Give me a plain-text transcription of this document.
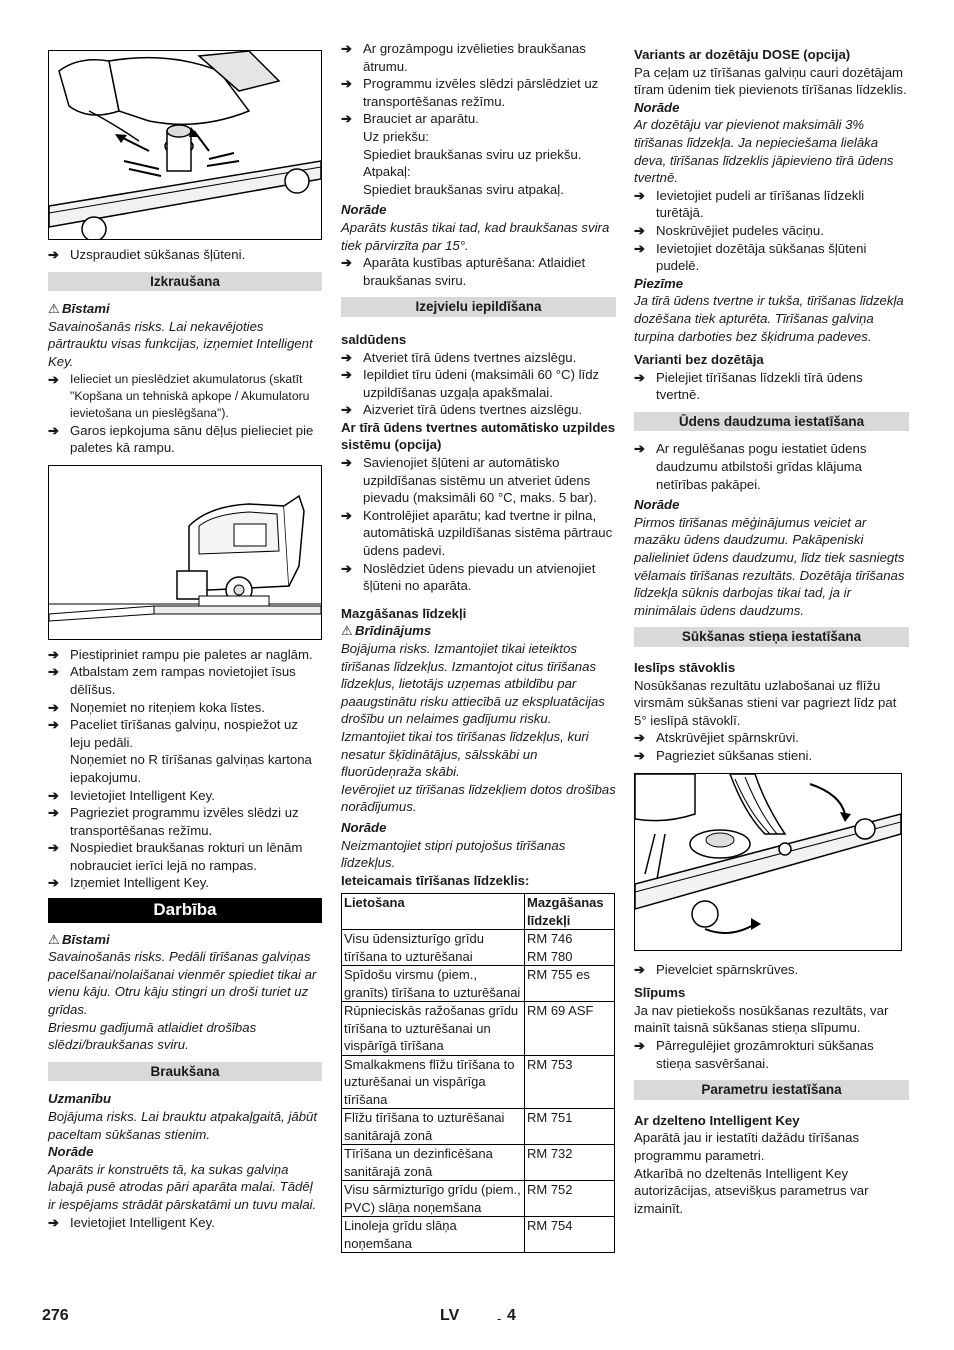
➔ Uzspraudiet sūkšanas šļūteni.
Izkraušana

⚠ Bīstami

Savainošanās risks. Lai nekavējoties pārtrauktu visas funkcijas, izņemiet Intelligent Key.

➔ Ielieciet un pieslēdziet akumulatorus (skatīt "Kopšana un tehniskā apkope / Akumulatoru ievietošana un pieslēgšana").
➔ Garos iepkojuma sānu dēļus pielieciet pie paletes kā rampu.
➔ Piestipriniet rampu pie paletes ar naglām.
➔ Atbalstam zem rampas novietojiet īsus dēlīšus.
➔ Noņemiet no riteņiem koka līstes.
➔ Paceliet tīrīšanas galviņu, nospiežot uz leju pedāli.

Noņemiet no R tīrīšanas galviņas kartona iepakojumu.

➔ Ievietojiet Intelligent Key.
➔ Pagrieziet programmu izvēles slēdzi uz transportēšanas režīmu.
➔ Nospiediet braukšanas rokturi un lēnām nobrauciet ierīci lejā no rampas.
➔ Izņemiet Intelligent Key.
Darbība

⚠ Bīstami

Savainošanās risks. Pedāli tīrīšanas galviņas pacelšanai/nolaišanai vienmēr spiediet tikai ar vienu kāju. Otru kāju stingri un droši turiet uz grīdas.

Briesmu gadījumā atlaidiet drošības slēdzi/braukšanas sviru.

Braukšana

Uzmanību

Bojājuma risks. Lai brauktu atpakaļgaitā, jābūt paceltam sūkšanas stienim.

Norāde

Aparāts ir konstruēts tā, ka sukas galviņa labajā pusē atrodas pāri aparāta malai. Tādēļ ir iespējams strādāt pārskatāmi un tuvu malai.

➔ Ievietojiet Intelligent Key.
➔ Ar grozāmpogu izvēlieties braukšanas ātrumu.
➔ Programmu izvēles slēdzi pārslēdziet uz transportēšanas režīmu.
➔ Brauciet ar aparātu.

Uz priekšu:

Spiediet braukšanas sviru uz priekšu.

Atpakaļ:

Spiediet braukšanas sviru atpakaļ.

Norāde

Aparāts kustās tikai tad, kad braukšanas svira tiek pārvirzīta par 15°.

➔ Aparāta kustības apturēšana: Atlaidiet braukšanas sviru.
Izejvielu iepildīšana

saldūdens

➔ Atveriet tīrā ūdens tvertnes aizslēgu.
➔ Iepildiet tīru ūdeni (maksimāli 60 °C) līdz uzpildīšanas uzgaļa apakšmalai.
➔ Aizveriet tīrā ūdens tvertnes aizslēgu.

Ar tīrā ūdens tvertnes automātisko uzpildes sistēmu (opcija)

➔ Savienojiet šļūteni ar automātisko uzpildīšanas sistēmu un atveriet ūdens pievadu (maksimāli 60 °C, maks. 5 bar).
➔ Kontrolējiet aparātu; kad tvertne ir pilna, automātiskā uzpildīšanas sistēma pārtrauc ūdens padevi.
➔ Noslēdziet ūdens pievadu un atvienojiet šļūteni no aparāta.

Mazgāšanas līdzekļi

⚠ Brīdinājums

Bojājuma risks. Izmantojiet tikai ieteiktos tīrīšanas līdzekļus. Izmantojot citus tīrīšanas līdzekļus, lietotājs uzņemas atbildību par paaugstinātu risku attiecībā uz ekspluatācijas drošību un nelaimes gadījumu risku.

Izmantojiet tikai tos tīrīšanas līdzekļus, kuri nesatur šķīdinātājus, sālsskābi un fluorūdeņraža skābi.

Ievērojiet uz tīrīšanas līdzekļiem dotos drošības norādījumus.

Norāde

Neizmantojiet stipri putojošus tīrīšanas līdzekļus.

Ieteicamais tīrīšanas līdzeklis:

Lietošana	Mazgāšanas līdzekļi
Visu ūdensizturīgo grīdu tīrīšana to uzturēšanai	RM 746
RM 780
Spīdošu virsmu (piem., granīts) tīrīšana to uzturēšanai	RM 755 es
Rūpnieciskās ražošanas grīdu tīrīšana to uzturēšanai un vispārīgā tīrīšana	RM 69 ASF
Smalkakmens flīžu tīrīšana to uzturēšanai un vispārīga tīrīšana	RM 753
Flīžu tīrīšana to uzturēšanai sanitārajā zonā	RM 751
Tīrīšana un dezinficēšana sanitārajā zonā	RM 732
Visu sārmizturīgo grīdu (piem., PVC) slāņa noņemšana	RM 752
Linoleja grīdu slāņa noņemšana	RM 754

Variants ar dozētāju DOSE (opcija)

Pa ceļam uz tīrīšanas galviņu cauri dozētājam tīram ūdenim tiek pievienots tīrīšanas līdzeklis.

Norāde

Ar dozētāju var pievienot maksimāli 3% tīrīšanas līdzekļa. Ja nepieciešama lielāka deva, tīrīšanas līdzeklis jāpievieno tīrā ūdens tvertnē.

➔ Ievietojiet pudeli ar tīrīšanas līdzekli turētājā.
➔ Noskrūvējiet pudeles vāciņu.
➔ Ievietojiet dozētāja sūkšanas šļūteni pudelē.

Piezīme

Ja tīrā ūdens tvertne ir tukša, tīrīšanas līdzekļa dozēšana tiek apturēta. Tīrīšanas galviņa turpina darboties bez šķidruma padeves.

Varianti bez dozētāja

➔ Pielejiet tīrīšanas līdzekli tīrā ūdens tvertnē.
Ūdens daudzuma iestatīšana
➔ Ar regulēšanas pogu iestatiet ūdens daudzumu atbilstoši grīdas klājuma netīrības pakāpei.

Norāde

Pirmos tīrīšanas mēģinājumus veiciet ar mazāku ūdens daudzumu. Pakāpeniski palieliniet ūdens daudzumu, līdz tiek sasniegts vēlamais tīrīšanas rezultāts. Dozētāja tīrīšanas līdzekļa sūknis darbojas tikai tad, ja ir minimālais ūdens daudzums.

Sūkšanas stieņa iestatīšana

Ieslīps stāvoklis

Nosūkšanas rezultātu uzlabošanai uz flīžu virsmām sūkšanas stieni var pagriezt līdz pat 5° ieslīpā stāvoklī.

➔ Atskrūvējiet spārnskrūvi.
➔ Pagrieziet sūkšanas stieni.
➔ Pievelciet spārnskrūves.

Slīpums

Ja nav pietiekošs nosūkšanas rezultāts, var mainīt taisnā sūkšanas stieņa slīpumu.

➔ Pārregulējiet grozāmrokturi sūkšanas stieņa sasvēršanai.
Parametru iestatīšana

Ar dzelteno Intelligent Key

Aparātā jau ir iestatīti dažādu tīrīšanas programmu parametri.

Atkarībā no dzeltenās Intelligent Key autorizācijas, atsevišķus parametrus var izmainīt.

276	LV	- 4
